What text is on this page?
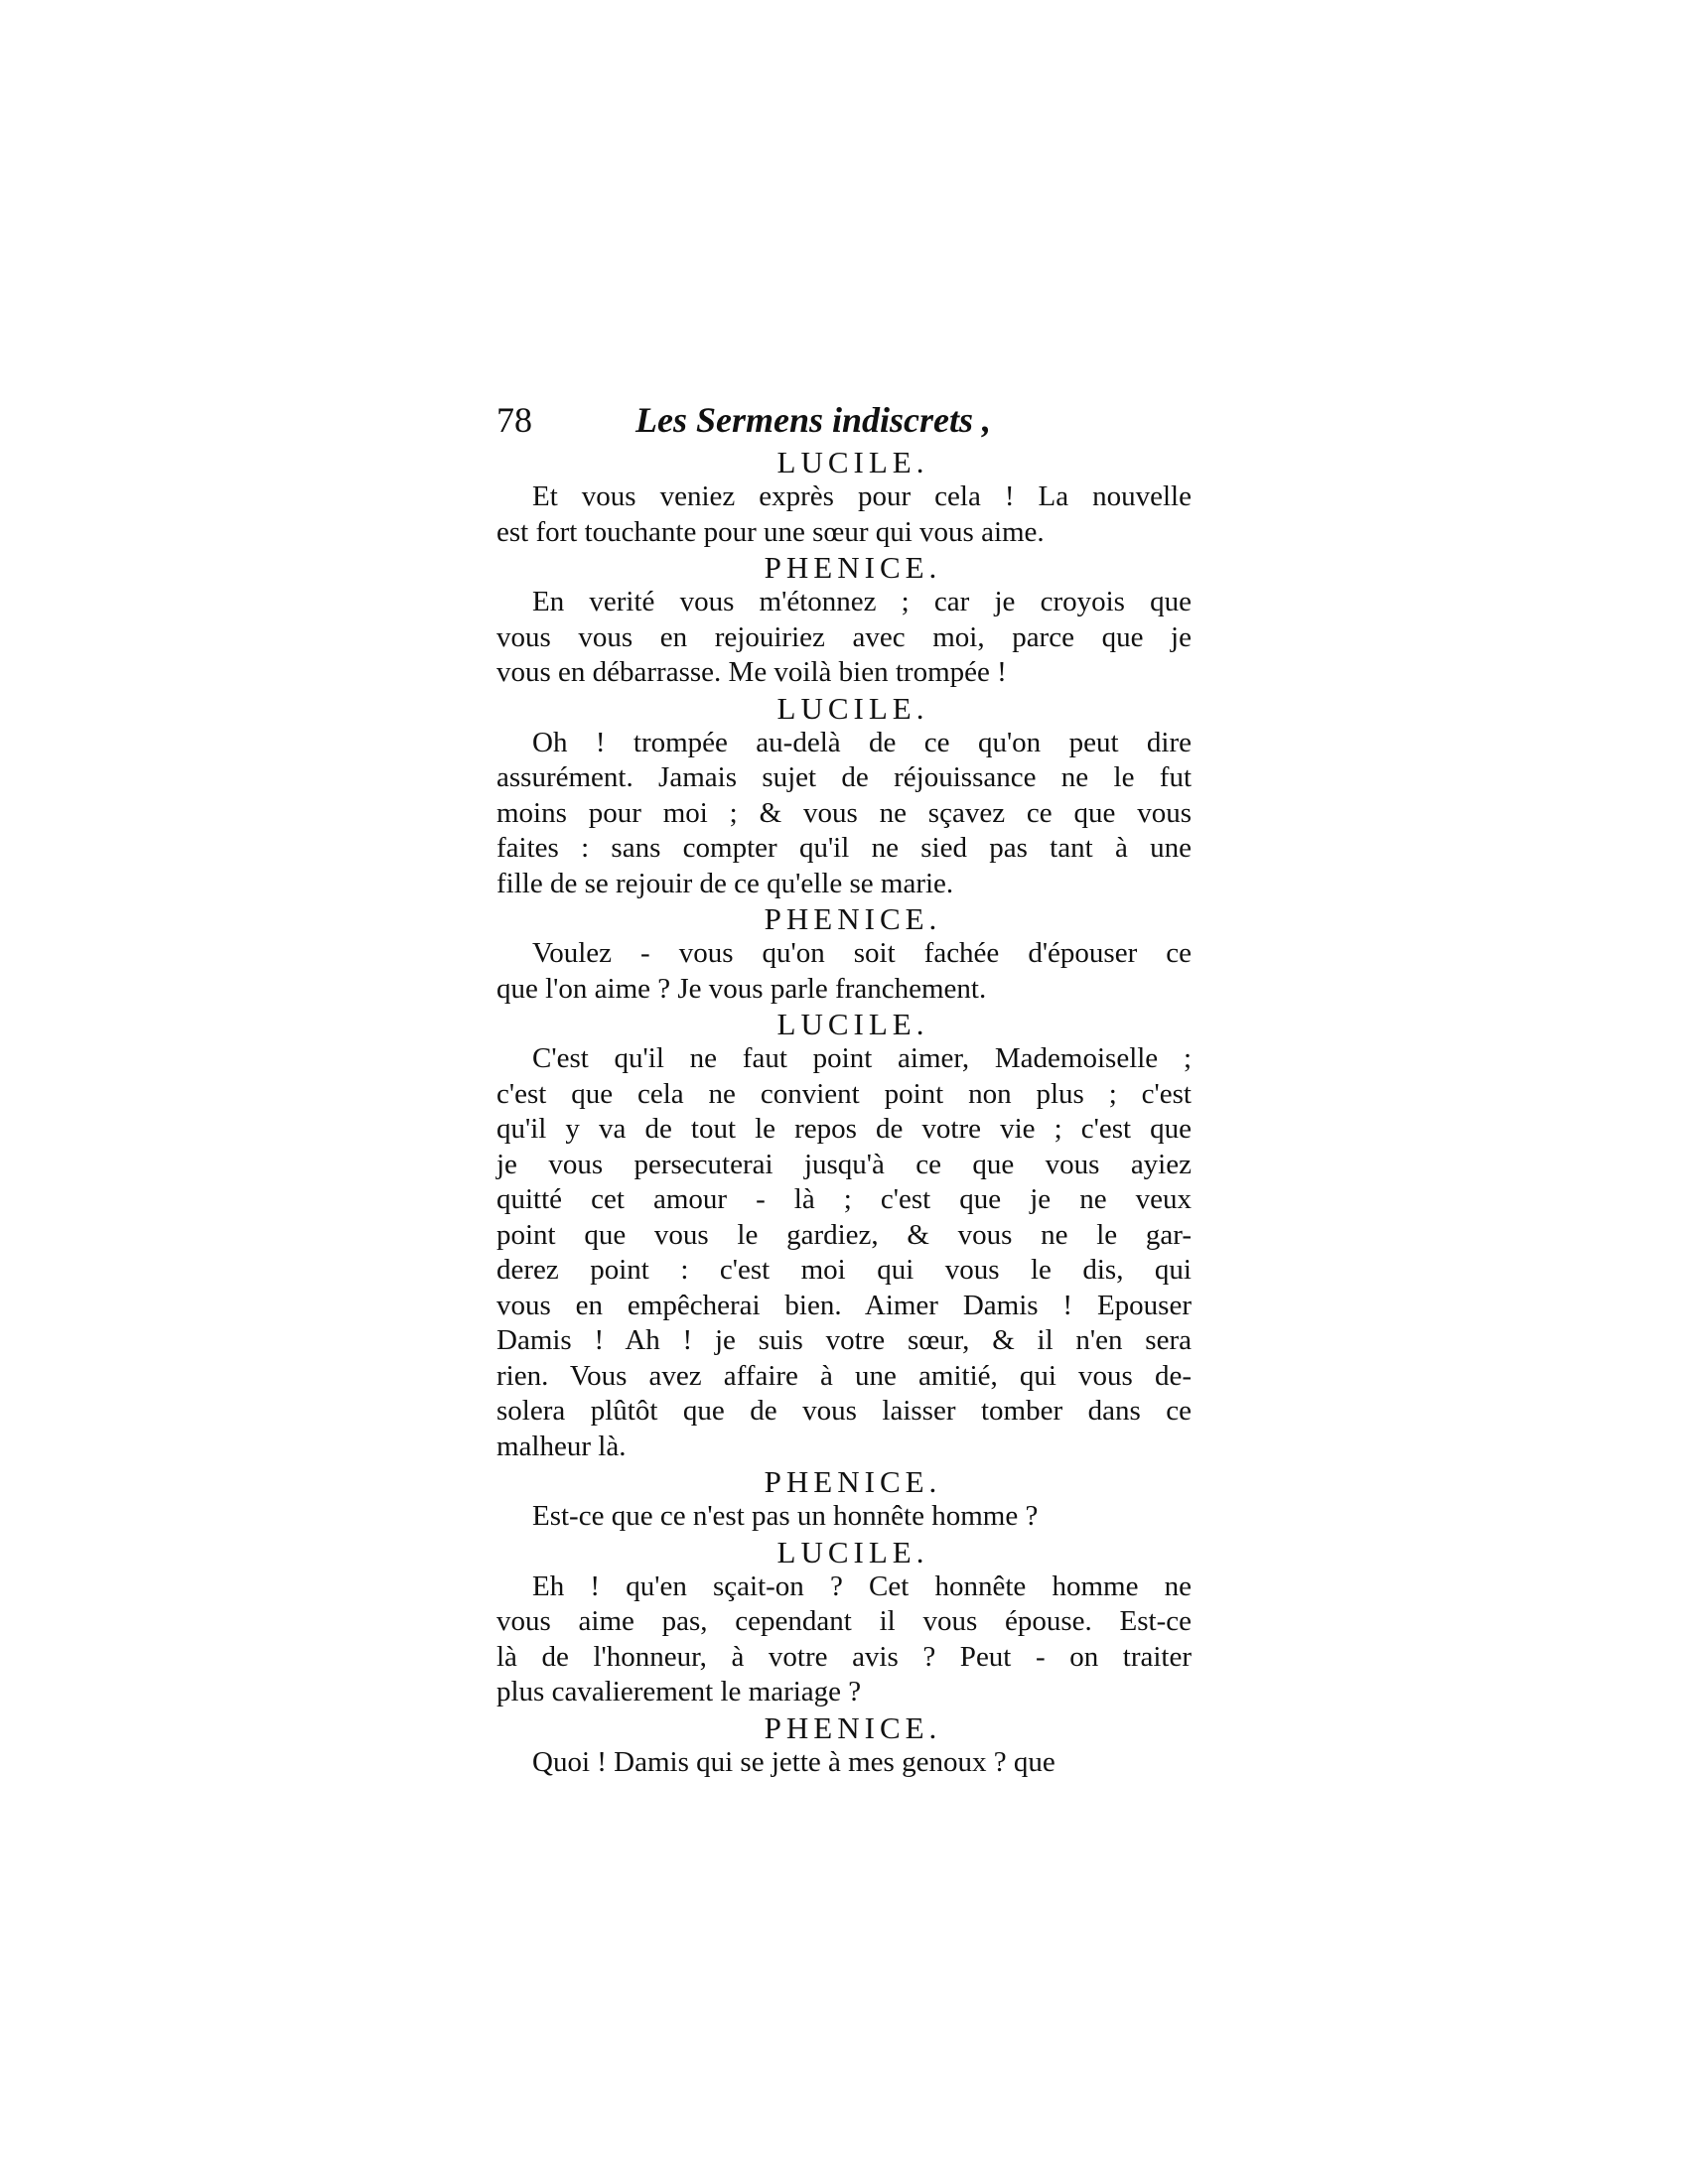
78	Les Sermens indiscrets ,
LUCILE.
Et vous veniez exprès pour cela ! La nouvelle
est fort touchante pour une sœur qui vous aime.
PHENICE.
En verité vous m'étonnez ; car je croyois que
vous vous en rejouiriez avec moi, parce que je
vous en débarrasse. Me voilà bien trompée !
LUCILE.
Oh ! trompée au-delà de ce qu'on peut dire
assurément. Jamais sujet de réjouissance ne le fut
moins pour moi ; & vous ne sçavez ce que vous
faites : sans compter qu'il ne sied pas tant à une
fille de se rejouir de ce qu'elle se marie.
PHENICE.
Voulez - vous qu'on soit fachée d'épouser ce
que l'on aime ? Je vous parle franchement.
LUCILE.
C'est qu'il ne faut point aimer, Mademoiselle ;
c'est que cela ne convient point non plus ; c'est
qu'il y va de tout le repos de votre vie ; c'est que
je vous persecuterai jusqu'à ce que vous ayiez
quitté cet amour - là ; c'est que je ne veux
point que vous le gardiez, & vous ne le gar-
derez point : c'est moi qui vous le dis, qui
vous en empêcherai bien. Aimer Damis ! Epouser
Damis ! Ah ! je suis votre sœur, & il n'en sera
rien. Vous avez affaire à une amitié, qui vous de-
solera plûtôt que de vous laisser tomber dans ce
malheur là.
PHENICE.
Est-ce que ce n'est pas un honnête homme ?
LUCILE.
Eh ! qu'en sçait-on ? Cet honnête homme ne
vous aime pas, cependant il vous épouse. Est-ce
là de l'honneur, à votre avis ? Peut - on traiter
plus cavalierement le mariage ?
PHENICE.
Quoi ! Damis qui se jette à mes genoux ? que
